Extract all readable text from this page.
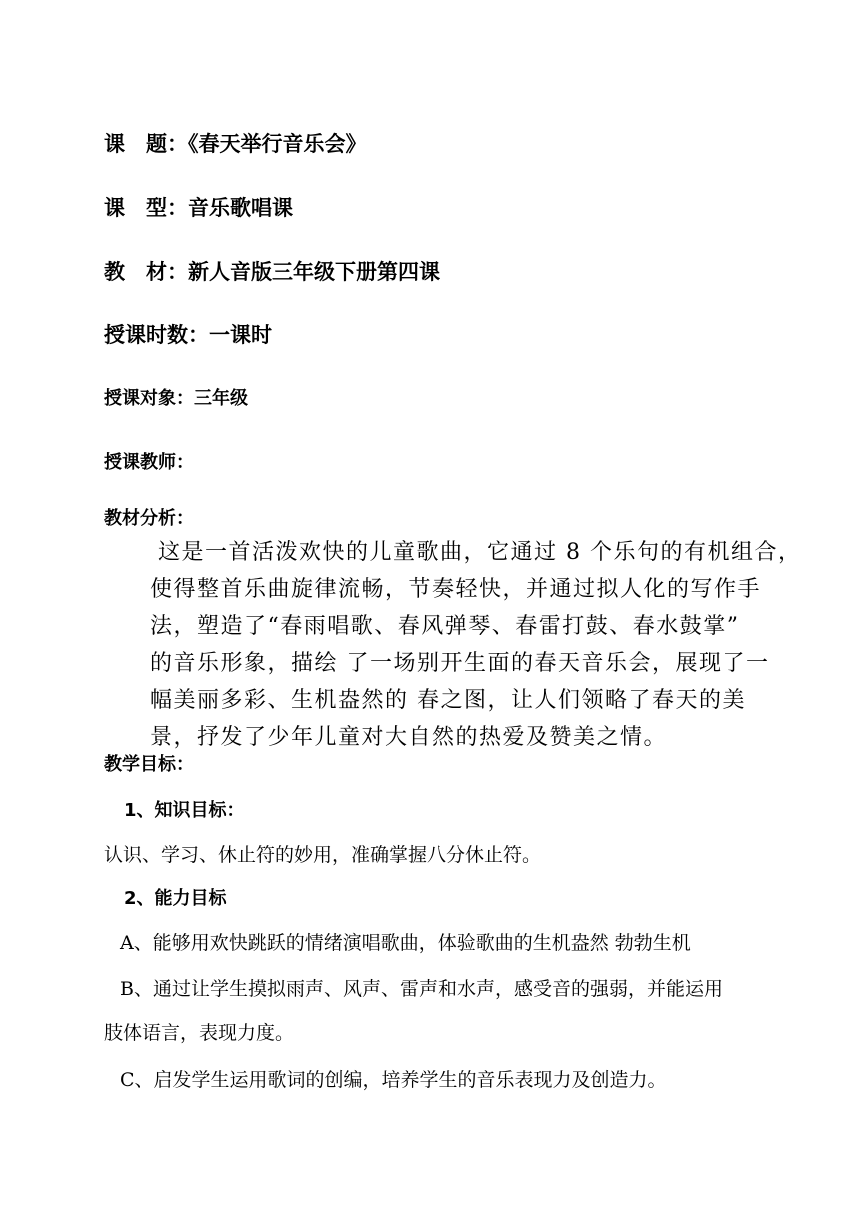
课 题：《春天举行音乐会》
课 型：音乐歌唱课
教 材：新人音版三年级下册第四课
授课时数：一课时
授课对象：三年级
授课教师：
教材分析：
这是一首活泼欢快的儿童歌曲，它通过 8 个乐句的有机组合，
使得整首乐曲旋律流畅，节奏轻快，并通过拟人化的写作手
法，塑造了“春雨唱歌、春风弹琴、春雷打鼓、春水鼓掌”
的音乐形象，描绘 了一场别开生面的春天音乐会，展现了一
幅美丽多彩、生机盎然的 春之图，让人们领略了春天的美
景，抒发了少年儿童对大自然的热爱及赞美之情。
教学目标：
1、知识目标：
认识、学习、休止符的妙用，准确掌握八分休止符。
2、能力目标
A、能够用欢快跳跃的情绪演唱歌曲，体验歌曲的生机盎然 勃勃生机
B、通过让学生摸拟雨声、风声、雷声和水声，感受音的强弱，并能运用
肢体语言，表现力度。
C、启发学生运用歌词的创编，培养学生的音乐表现力及创造力。
